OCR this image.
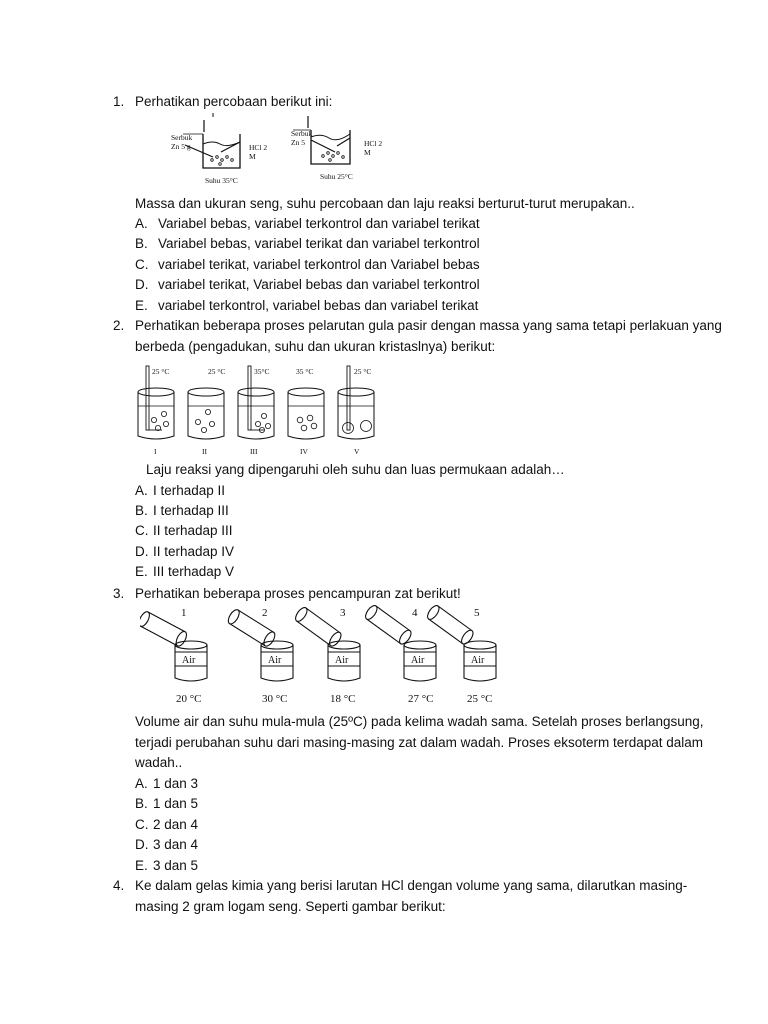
1. Perhatikan percobaan berikut ini:
Serbuk
Zn 5 g	HCl 2
M
Suhu 35°C
Serbuk
Zn 5	HCl 2
M
Suhu 25°C
Massa dan ukuran seng, suhu percobaan dan laju reaksi berturut-turut merupakan..
A. Variabel bebas, variabel terkontrol dan variabel terikat
B. Variabel bebas, variabel terikat dan variabel terkontrol
C. variabel terikat, variabel terkontrol dan Variabel bebas
D. variabel terikat, Variabel bebas dan variabel terkontrol
E. variabel terkontrol, variabel bebas dan variabel terikat
2. Perhatikan beberapa proses pelarutan gula pasir dengan massa yang sama tetapi perlakuan yang
berbeda (pengadukan, suhu dan ukuran kristaslnya) berikut:
25 °C
I
25 °C
II
35°C
III
35 °C
IV
25 °C
V
Laju reaksi yang dipengaruhi oleh suhu dan luas permukaan adalah…
A. I terhadap II
B. I terhadap III
C. II terhadap III
D. II terhadap IV
E. III terhadap V
3. Perhatikan beberapa proses pencampuran zat berikut!
1
Air
20 °C
2
Air
30 °C
3
Air
18 °C
4
Air
27 °C
5
Air
25 °C
Volume air dan suhu mula-mula (25ºC) pada kelima wadah sama. Setelah proses berlangsung,
terjadi perubahan suhu dari masing-masing zat dalam wadah. Proses eksoterm terdapat dalam
wadah..
A. 1 dan 3
B. 1 dan 5
C. 2 dan 4
D. 3 dan 4
E. 3 dan 5
4. Ke dalam gelas kimia yang berisi larutan HCl dengan volume yang sama, dilarutkan masing-
masing 2 gram logam seng. Seperti gambar berikut:
